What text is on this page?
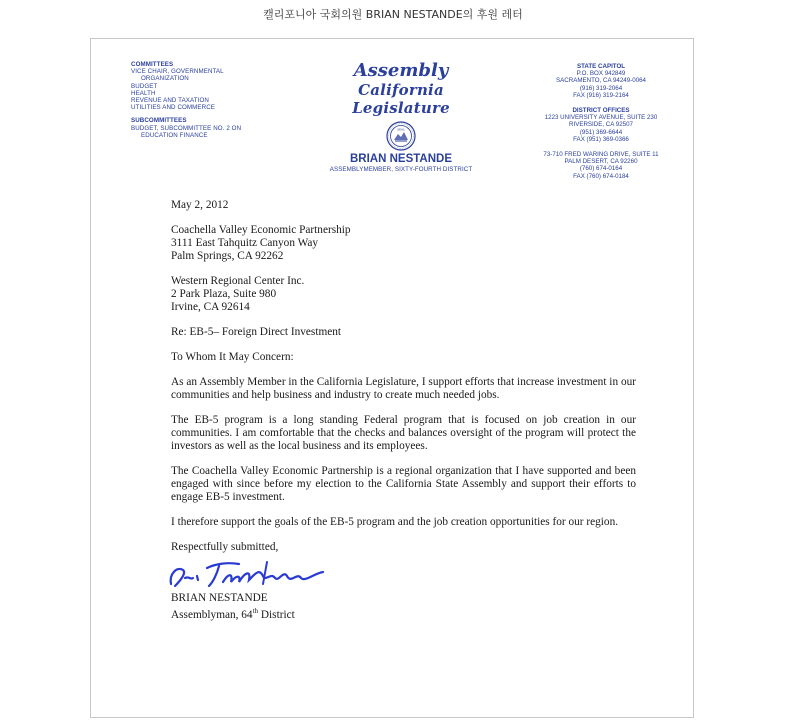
캘리포니아 국회의원 BRIAN NESTANDE의 후원 레터
COMMITTEES
VICE CHAIR, GOVERNMENTAL
ORGANIZATION
BUDGET
HEALTH
REVENUE AND TAXATION
UTILITIES AND COMMERCE
SUBCOMMITTEES
BUDGET, SUBCOMMITTEE NO. 2 ON
EDUCATION FINANCE
Assembly
California Legislature
SEAL
BRIAN NESTANDE
ASSEMBLYMEMBER, SIXTY-FOURTH DISTRICT
STATE CAPITOL
P.O. BOX 942849
SACRAMENTO, CA 94249-0064
(916) 319-2064
FAX (916) 319-2164
DISTRICT OFFICES
1223 UNIVERSITY AVENUE, SUITE 230
RIVERSIDE, CA 92507
(951) 369-6644
FAX (951) 369-0366
73-710 FRED WARING DRIVE, SUITE 11
PALM DESERT, CA 92260
(760) 674-0164
FAX (760) 674-0184

May 2, 2012

Coachella Valley Economic Partnership

3111 East Tahquitz Canyon Way

Palm Springs, CA 92262

Western Regional Center Inc.

2 Park Plaza, Suite 980

Irvine, CA 92614

Re: EB-5– Foreign Direct Investment

To Whom It May Concern:

As an Assembly Member in the California Legislature, I support efforts that increase investment in our communities and help business and industry to create much needed jobs.

The EB-5 program is a long standing Federal program that is focused on job creation in our communities. I am comfortable that the checks and balances oversight of the program will protect the investors as well as the local business and its employees.

The Coachella Valley Economic Partnership is a regional organization that I have supported and been engaged with since before my election to the California State Assembly and support their efforts to engage EB-5 investment.

I therefore support the goals of the EB-5 program and the job creation opportunities for our region.

Respectfully submitted,

BRIAN NESTANDE

Assemblyman, 64th District
